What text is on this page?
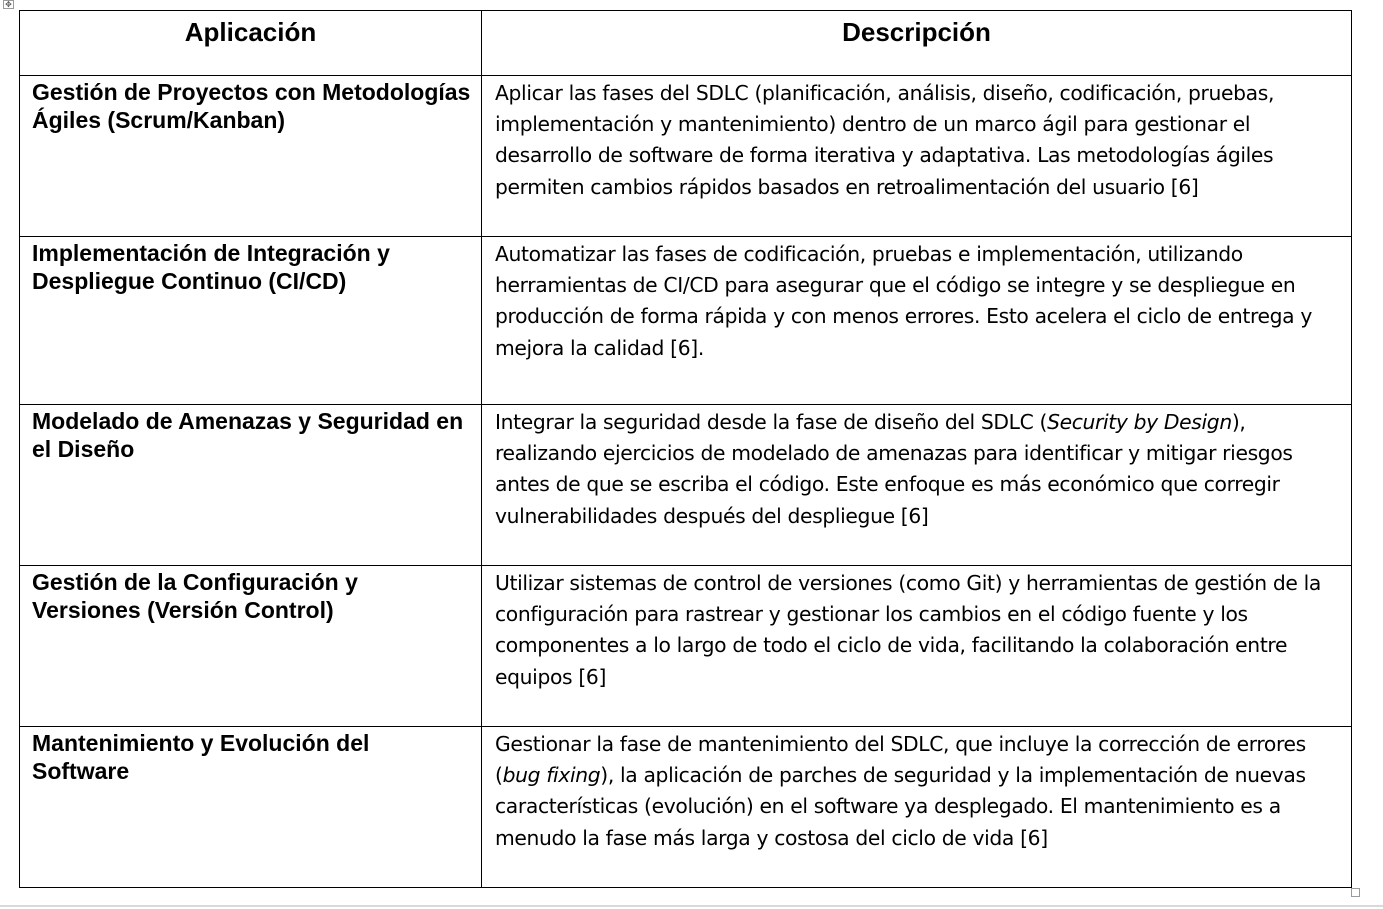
✥
Aplicación	Descripción
Gestión de Proyectos con Metodologías Ágiles (Scrum/Kanban)	Aplicar las fases del SDLC (planificación, análisis, diseño, codificación, pruebas, implementación y mantenimiento) dentro de un marco ágil para gestionar el desarrollo de software de forma iterativa y adaptativa. Las metodologías ágiles permiten cambios rápidos basados en retroalimentación del usuario [6]
Implementación de Integración y Despliegue Continuo (CI/CD)	Automatizar las fases de codificación, pruebas e implementación, utilizando herramientas de CI/CD para asegurar que el código se integre y se despliegue en producción de forma rápida y con menos errores. Esto acelera el ciclo de entrega y mejora la calidad [6].
Modelado de Amenazas y Seguridad en el Diseño	Integrar la seguridad desde la fase de diseño del SDLC (Security by Design), realizando ejercicios de modelado de amenazas para identificar y mitigar riesgos antes de que se escriba el código. Este enfoque es más económico que corregir vulnerabilidades después del despliegue [6]
Gestión de la Configuración y Versiones (Versión Control)	Utilizar sistemas de control de versiones (como Git) y herramientas de gestión de la configuración para rastrear y gestionar los cambios en el código fuente y los componentes a lo largo de todo el ciclo de vida, facilitando la colaboración entre equipos [6]
Mantenimiento y Evolución del Software	Gestionar la fase de mantenimiento del SDLC, que incluye la corrección de errores (bug fixing), la aplicación de parches de seguridad y la implementación de nuevas características (evolución) en el software ya desplegado. El mantenimiento es a menudo la fase más larga y costosa del ciclo de vida [6]
